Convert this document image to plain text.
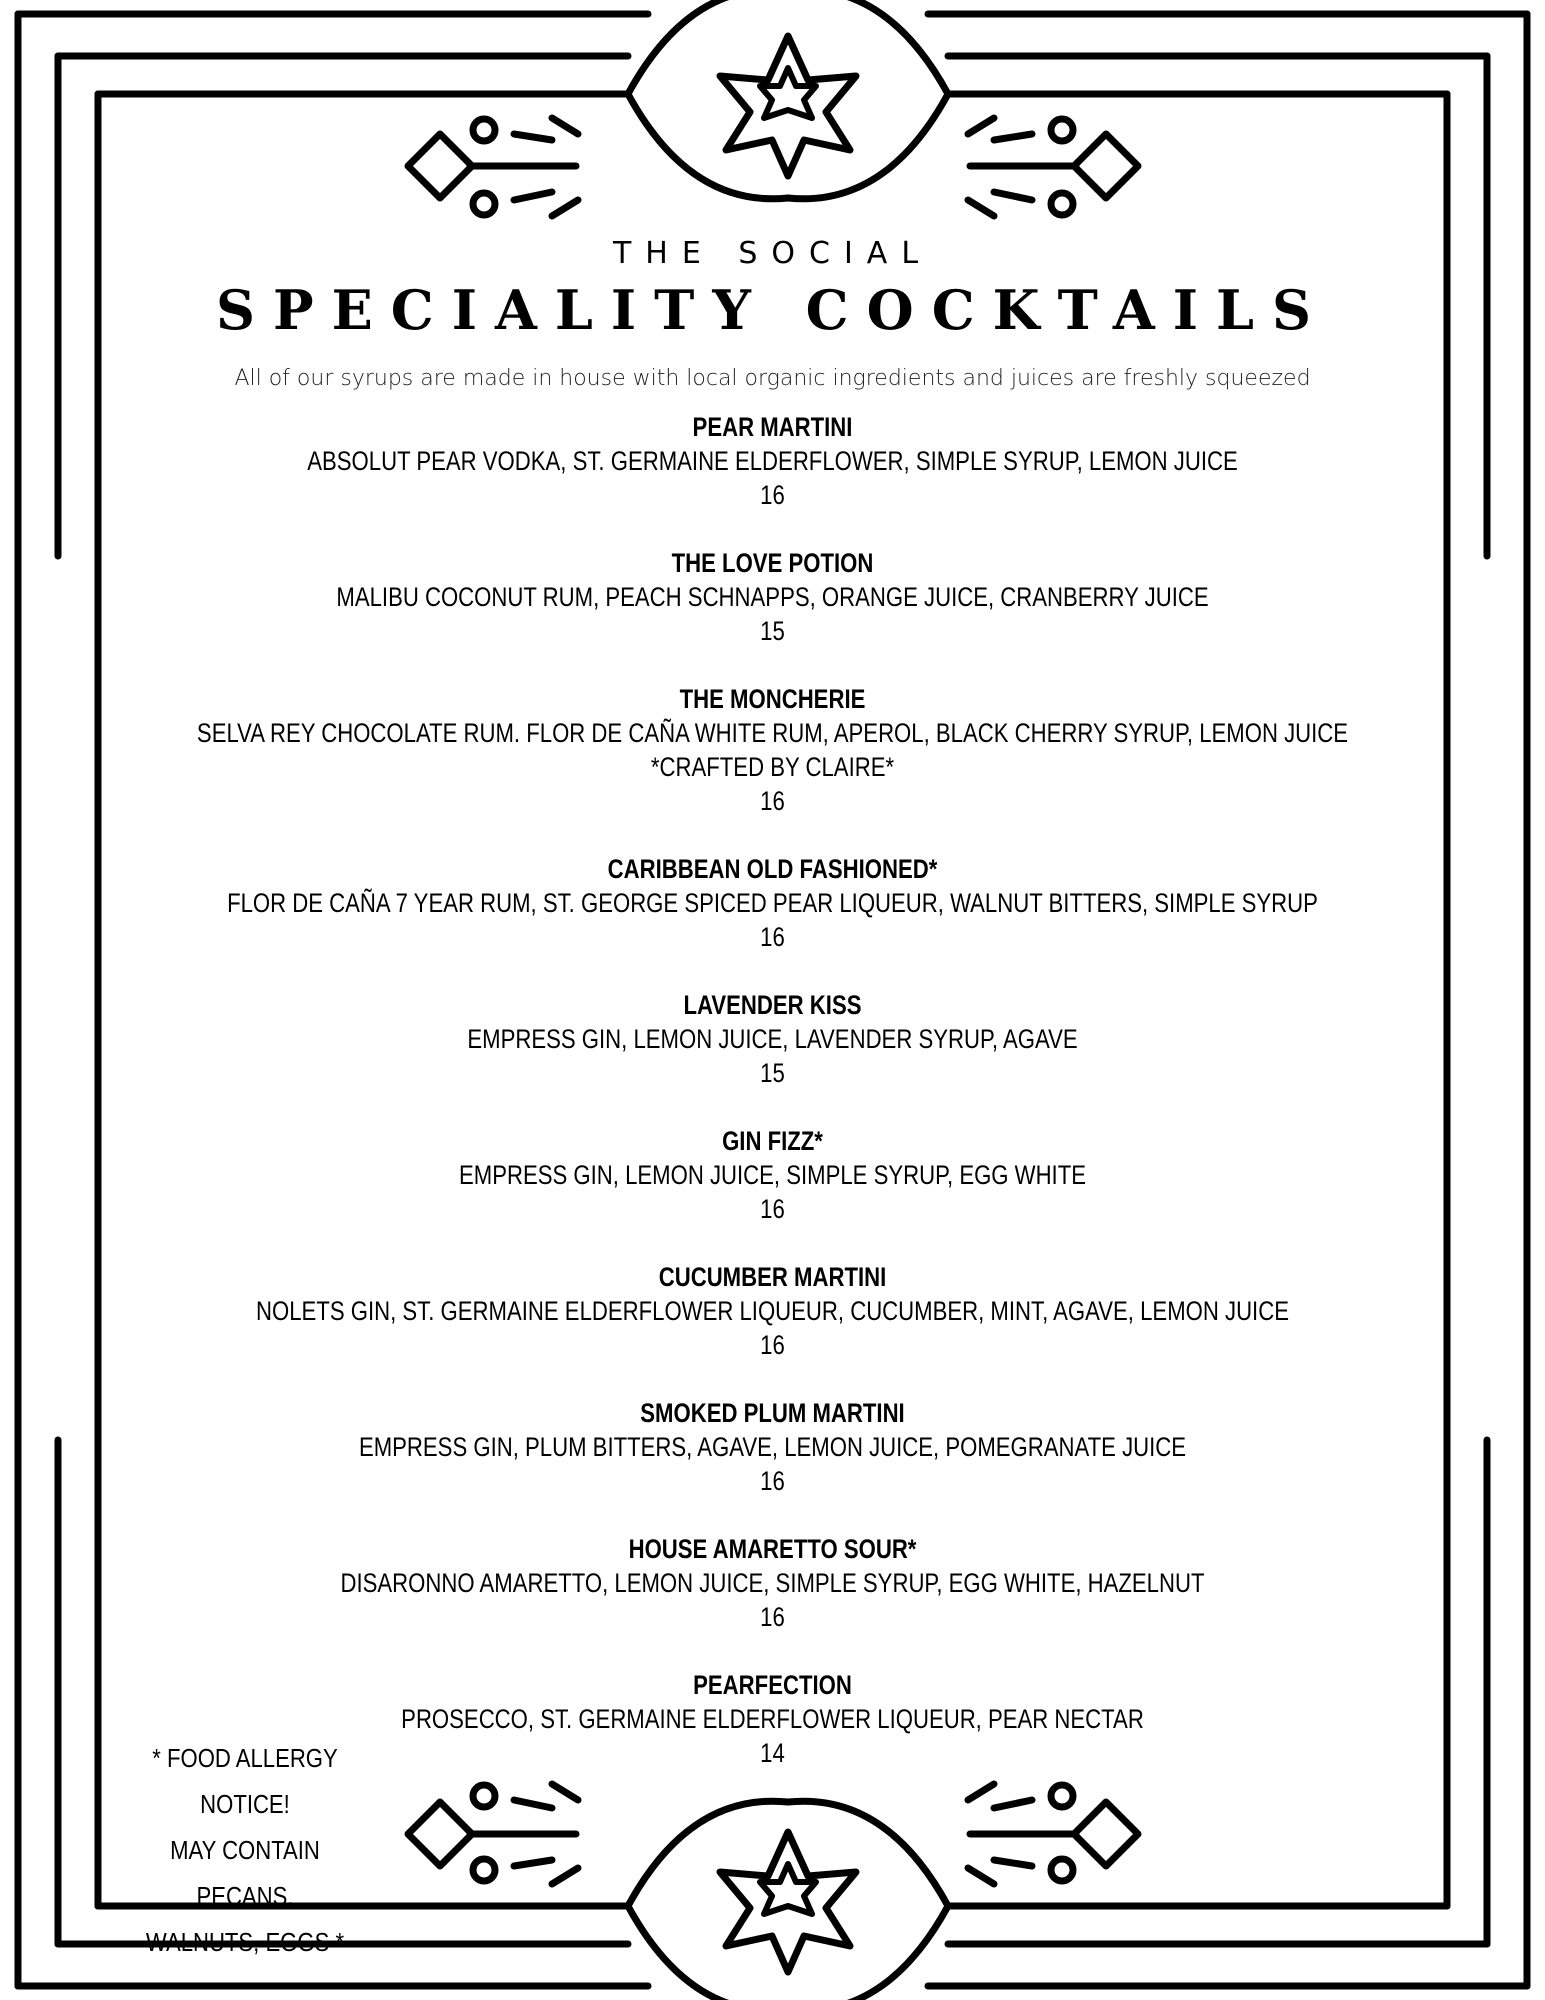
THE SOCIAL
SPECIALITY COCKTAILS
All of our syrups are made in house with local organic ingredients and juices are freshly squeezed
PEAR MARTINI
ABSOLUT PEAR VODKA, ST. GERMAINE ELDERFLOWER, SIMPLE SYRUP, LEMON JUICE
16
THE LOVE POTION
MALIBU COCONUT RUM, PEACH SCHNAPPS, ORANGE JUICE, CRANBERRY JUICE
15
THE MONCHERIE
SELVA REY CHOCOLATE RUM. FLOR DE CAÑA WHITE RUM, APEROL, BLACK CHERRY SYRUP, LEMON JUICE
*CRAFTED BY CLAIRE*
16
CARIBBEAN OLD FASHIONED*
FLOR DE CAÑA 7 YEAR RUM, ST. GEORGE SPICED PEAR LIQUEUR, WALNUT BITTERS, SIMPLE SYRUP
16
LAVENDER KISS
EMPRESS GIN, LEMON JUICE, LAVENDER SYRUP, AGAVE
15
GIN FIZZ*
EMPRESS GIN, LEMON JUICE, SIMPLE SYRUP, EGG WHITE
16
CUCUMBER MARTINI
NOLETS GIN, ST. GERMAINE ELDERFLOWER LIQUEUR, CUCUMBER, MINT, AGAVE, LEMON JUICE
16
SMOKED PLUM MARTINI
EMPRESS GIN, PLUM BITTERS, AGAVE, LEMON JUICE, POMEGRANATE JUICE
16
HOUSE AMARETTO SOUR*
DISARONNO AMARETTO, LEMON JUICE, SIMPLE SYRUP, EGG WHITE, HAZELNUT
16
PEARFECTION
PROSECCO, ST. GERMAINE ELDERFLOWER LIQUEUR, PEAR NECTAR
14
* FOOD ALLERGY NOTICE!
MAY CONTAIN PECANS,
WALNUTS, EGGS *
